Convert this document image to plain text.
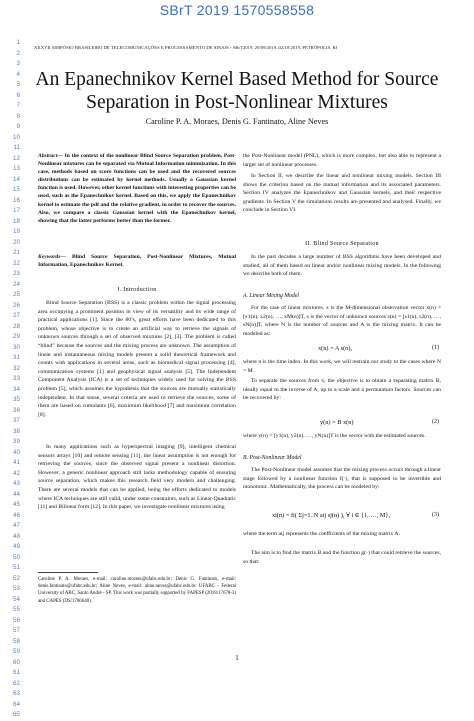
SBrT 2019 1570558558
1
2
3
4
5
6
7
8
9
10
11
12
13
14
15
16
17
18
19
20
21
22
23
24
25
26
27
28
29
30
31
32
33
34
35
36
37
38
39
40
41
42
43
44
45
46
47
48
49
50
51
52
53
54
55
56
57
58
59
60
61
62
63
64
65
XXXVII SIMPÓSIO BRASILEIRO DE TELECOMUNICAÇÕES E PROCESSAMENTO DE SINAIS - SBrT2019, 29/09/2019–02/10/2019, PETRÓPOLIS, RJ
An Epanechnikov Kernel Based Method for Source
Separation in Post-Nonlinear Mixtures
Caroline P. A. Moraes, Denis G. Fantinato, Aline Neves
Abstract— In the context of the nonlinear Blind Source Separation problem, Post-Nonlinear mixtures can be separated via Mutual Information minimization. In this case, methods based on score functions can be used and the recovered sources distributions can be estimated by kernel methods. Usually a Gaussian kernel function is used. However, other kernel functions with interesting properties can be used, such as the Epanechnikov kernel. Based on this, we apply the Epanechnikov kernel to estimate the pdf and the relative gradient, in order to recover the sources. Also, we compare a classic Gaussian kernel with the Epanechnikov kernel, showing that the latter performs better than the former.
Keywords— Blind Source Separation, Post-Nonlinear Mixtures, Mutual Information, Epanechnikov Kernel.
I. Introduction

Blind Source Separation (BSS) is a classic problem within the signal processing area occupying a prominent position in view of its versatility and its wide range of practical applications [1]. Since the 80’s, great efforts have been dedicated to this problem, whose objective is to create an artificial way to retrieve the signals of unknown sources through a set of observed mixtures [2], [3]. The problem is called “blind” because the sources and the mixing process are unknown. The assumption of linear and instantaneous mixing models present a solid theoretical framework and counts with applications in several areas, such as biomedical signal processing [4], communication systems [1] and geophysical signal analysis [5]. The Independent Component Analysis (ICA) is a set of techniques widely used for solving the BSS problem [5], which assumes the hypothesis that the sources are mutually statistically independent. In that sense, several criteria are used to retrieve the sources, some of them are based on cumulants [6], maximum likelihood [7] and maximum correlation [8].

In many applications such as hyperspectral imaging [9], intelligent chemical sensors arrays [10] and remote sensing [11], the linear assumption is not enough for retrieving the sources, since the observed signal present a nonlinear distortion. However, a generic nonlinear approach still lacks methodology capable of ensuring source separation, which makes this research field very modern and challenging. There are several models that can be applied, being the efforts dedicated to models where ICA techniques are still valid, under some constraints, such as Linear-Quadratic [11] and Bilinear form [12]. In this paper, we investigate nonlinear mixtures using

Caroline P. A. Moraes, e-mail: caroline.moraes@ufabc.edu.br; Denis G. Fantinato, e-mail: denis.fantinato@ufabc.edu.br; Aline Neves, e-mail: aline.neves@ufabc.edu.br. UFABC - Federal University of ABC, Santo André - SP. This work was partially supported by FAPESP (2018/17678-3) and CAPES (DS/1766640).
the Post-Nonlinear model (PNL), which is more complex, but also able to represent a larger set of nonlinear processes.

In Section II, we describe the linear and nonlinear mixing models. Section III shows the criterion based on the mutual information and its associated parameters. Section IV analyzes the Epanechnikov and Gaussian kernels, and their respective gradients. In Section V the simulations results are presented and analysed. Finally, we conclude in Section VI.

II. Blind Source Separation

In the past decades a large number of BSS algorithms have been developed and studied, all of them based on linear and/or nonlinear mixing models. In the following we describe both of them.

A. Linear Mixing Model

For the case of linear mixtures, x is the M-dimensional observation vector x(n) = [x1(n), x2(n), …, xM(n)]T, s is the vector of unknown sources s(n) = [s1(n), s2(n), …, sN(n)]T, where N is the number of sources and A is the mixing matrix. It can be modeled as:

x(n) = A s(n),	(1)
where n is the time index. In this work, we will restrain our study to the cases where N = M.

To separate the sources from x, the objective is to obtain a separating matrix B, ideally equal to the inverse of A, up to a scale and a permutation factors. Sources can be recovered by:

y(n) = B x(n)	(2)
where y(n) = [y1(n), y2(n), …, yN(n)]T is the vector with the estimated sources.
B. Post-Nonlinear Model

The Post-Nonlinear model assumes that the mixing process occurs through a linear stage followed by a nonlinear function f(·), that is supposed to be invertible and monotonic. Mathematically, the process can be modeled by:

xi(n) = fi( Σj=1..N aij sj(n) ), ∀ i ∈ {1, …, M},	(3)
where the term aij represents the coefficients of the mixing matrix A.

The aim is to find the matrix B and the function g(·) that could retrieve the sources, so that:

1
